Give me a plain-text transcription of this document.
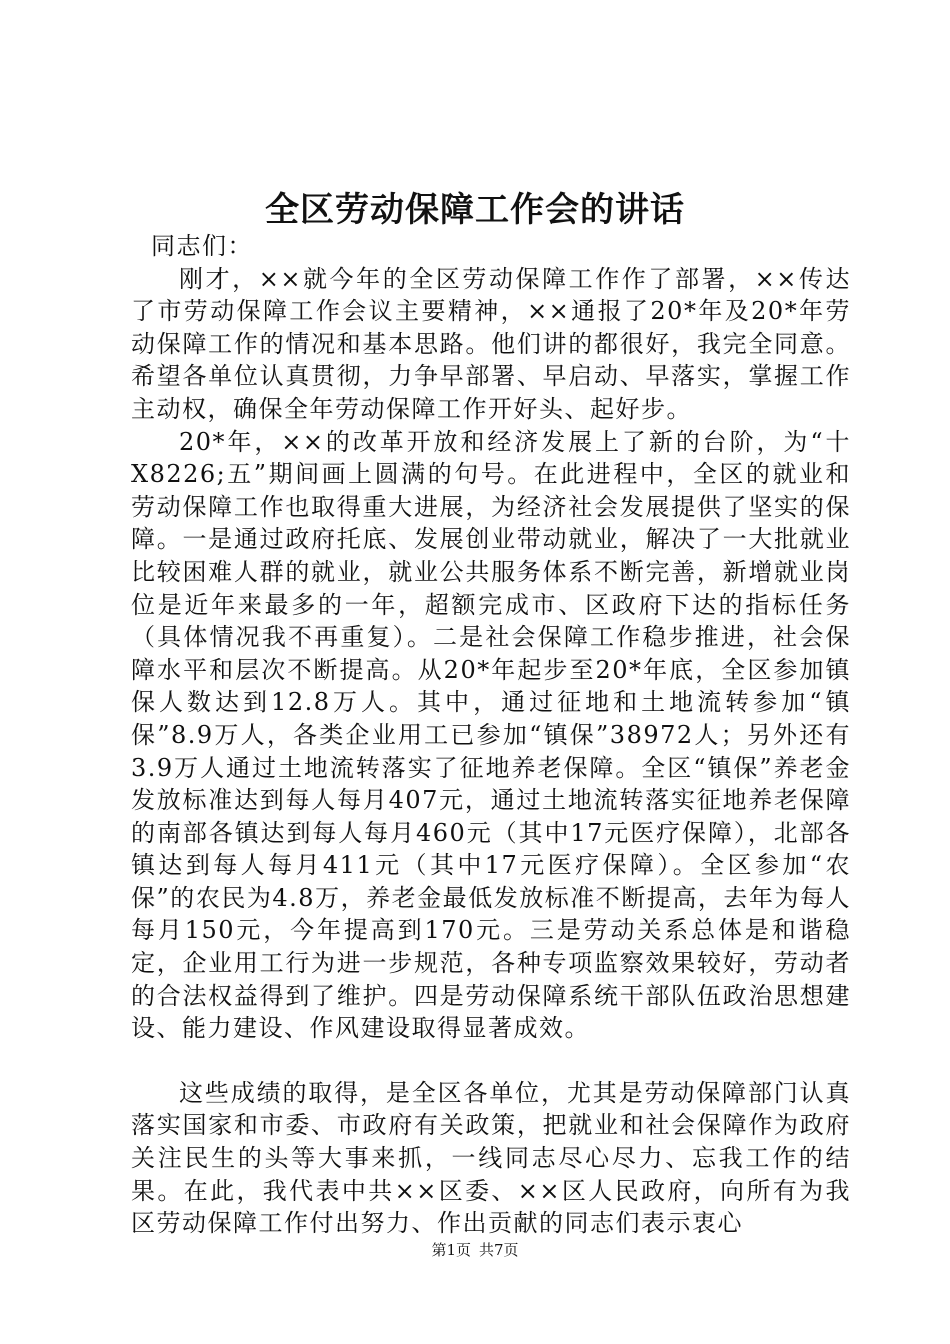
全区劳动保障工作会的讲话

同志们：

刚才，××就今年的全区劳动保障工作作了部署，××传达了市劳动保障工作会议主要精神，××通报了20*年及20*年劳动保障工作的情况和基本思路。他们讲的都很好，我完全同意。希望各单位认真贯彻，力争早部署、早启动、早落实，掌握工作主动权，确保全年劳动保障工作开好头、起好步。

20*年，××的改革开放和经济发展上了新的台阶，为“十X8226;五”期间画上圆满的句号。在此进程中，全区的就业和劳动保障工作也取得重大进展，为经济社会发展提供了坚实的保障。一是通过政府托底、发展创业带动就业，解决了一大批就业比较困难人群的就业，就业公共服务体系不断完善，新增就业岗位是近年来最多的一年，超额完成市、区政府下达的指标任务（具体情况我不再重复）。二是社会保障工作稳步推进，社会保障水平和层次不断提高。从20*年起步至20*年底，全区参加镇保人数达到12.8万人。其中，通过征地和土地流转参加“镇保”8.9万人，各类企业用工已参加“镇保”38972人；另外还有3.9万人通过土地流转落实了征地养老保障。全区“镇保”养老金发放标准达到每人每月407元，通过土地流转落实征地养老保障的南部各镇达到每人每月460元（其中17元医疗保障），北部各镇达到每人每月411元（其中17元医疗保障）。全区参加“农保”的农民为4.8万，养老金最低发放标准不断提高，去年为每人每月150元，今年提高到170元。三是劳动关系总体是和谐稳定，企业用工行为进一步规范，各种专项监察效果较好，劳动者的合法权益得到了维护。四是劳动保障系统干部队伍政治思想建设、能力建设、作风建设取得显著成效。

这些成绩的取得，是全区各单位，尤其是劳动保障部门认真落实国家和市委、市政府有关政策，把就业和社会保障作为政府关注民生的头等大事来抓，一线同志尽心尽力、忘我工作的结果。在此，我代表中共××区委、××区人民政府，向所有为我区劳动保障工作付出努力、作出贡献的同志们表示衷心

第1页 共7页
